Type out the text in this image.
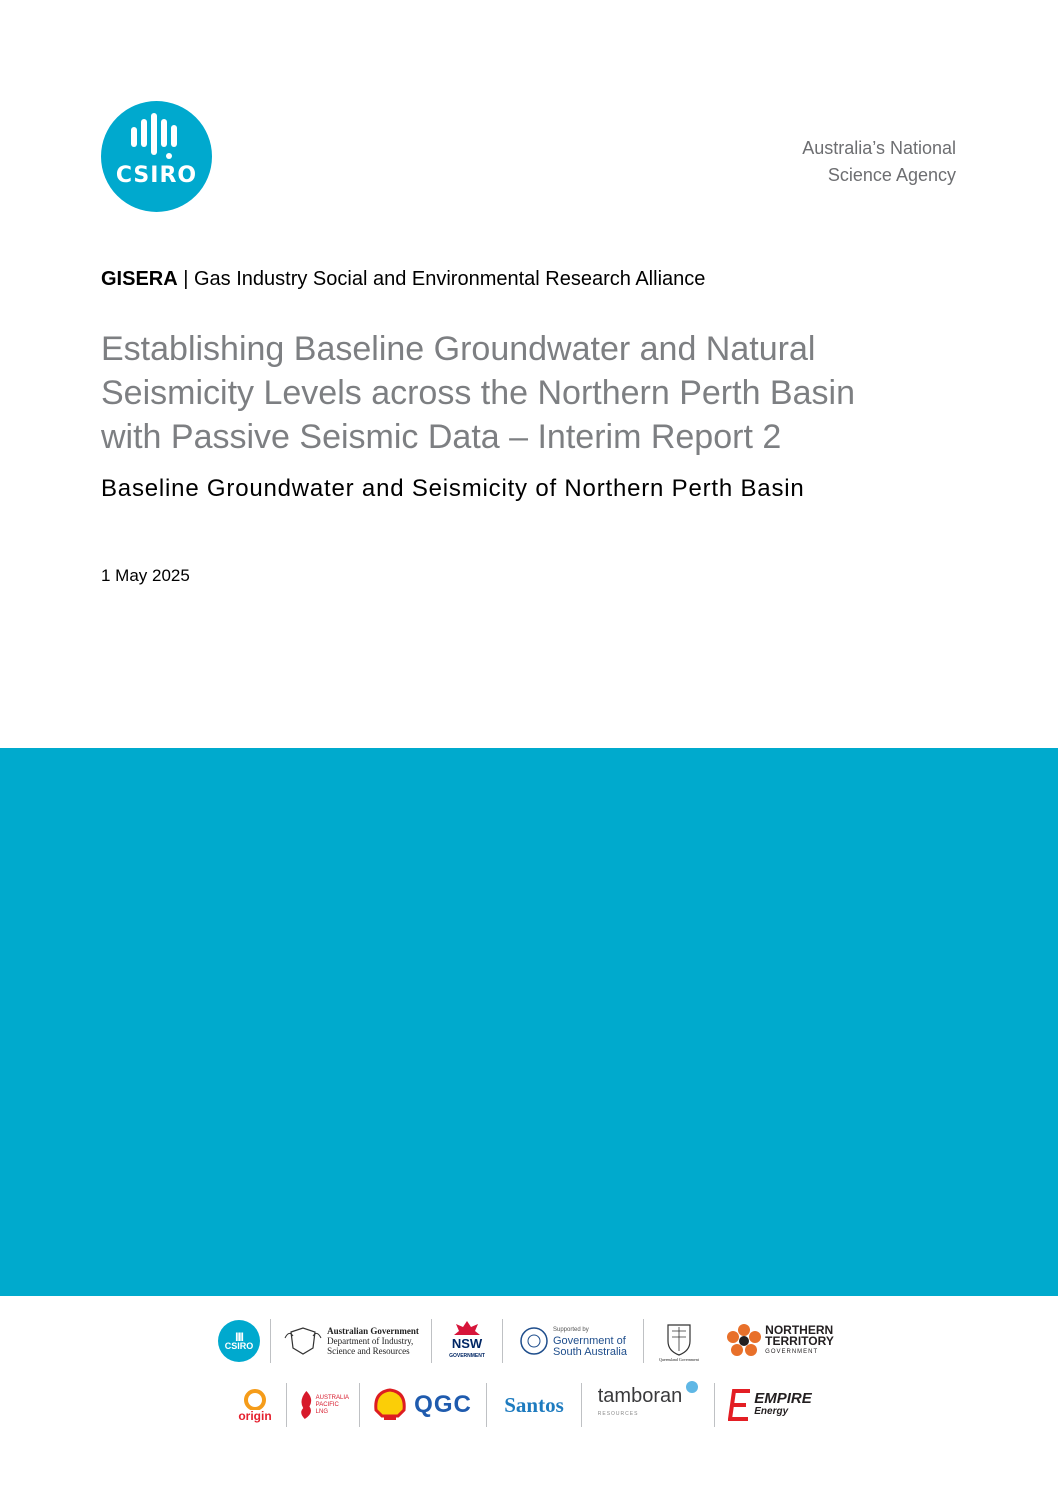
CSIRO
Australia’s National
Science Agency
GISERA | Gas Industry Social and Environmental Research Alliance
Establishing Baseline Groundwater and Natural
Seismicity Levels across the Northern Perth Basin
with Passive Seismic Data – Interim Report 2
Baseline Groundwater and Seismicity of Northern Perth Basin
1 May 2025
|||||
CSIRO
Australian Government
Department of Industry,
Science and Resources	NSW
GOVERNMENT
Supported by
Government of
South Australia
Queensland Government
NORTHERN
TERRITORY
GOVERNMENT
origin
AUSTRALIA
PACIFIC
LNG	QGC Santos tamboran
RESOURCES
EMPIRE
Energy
